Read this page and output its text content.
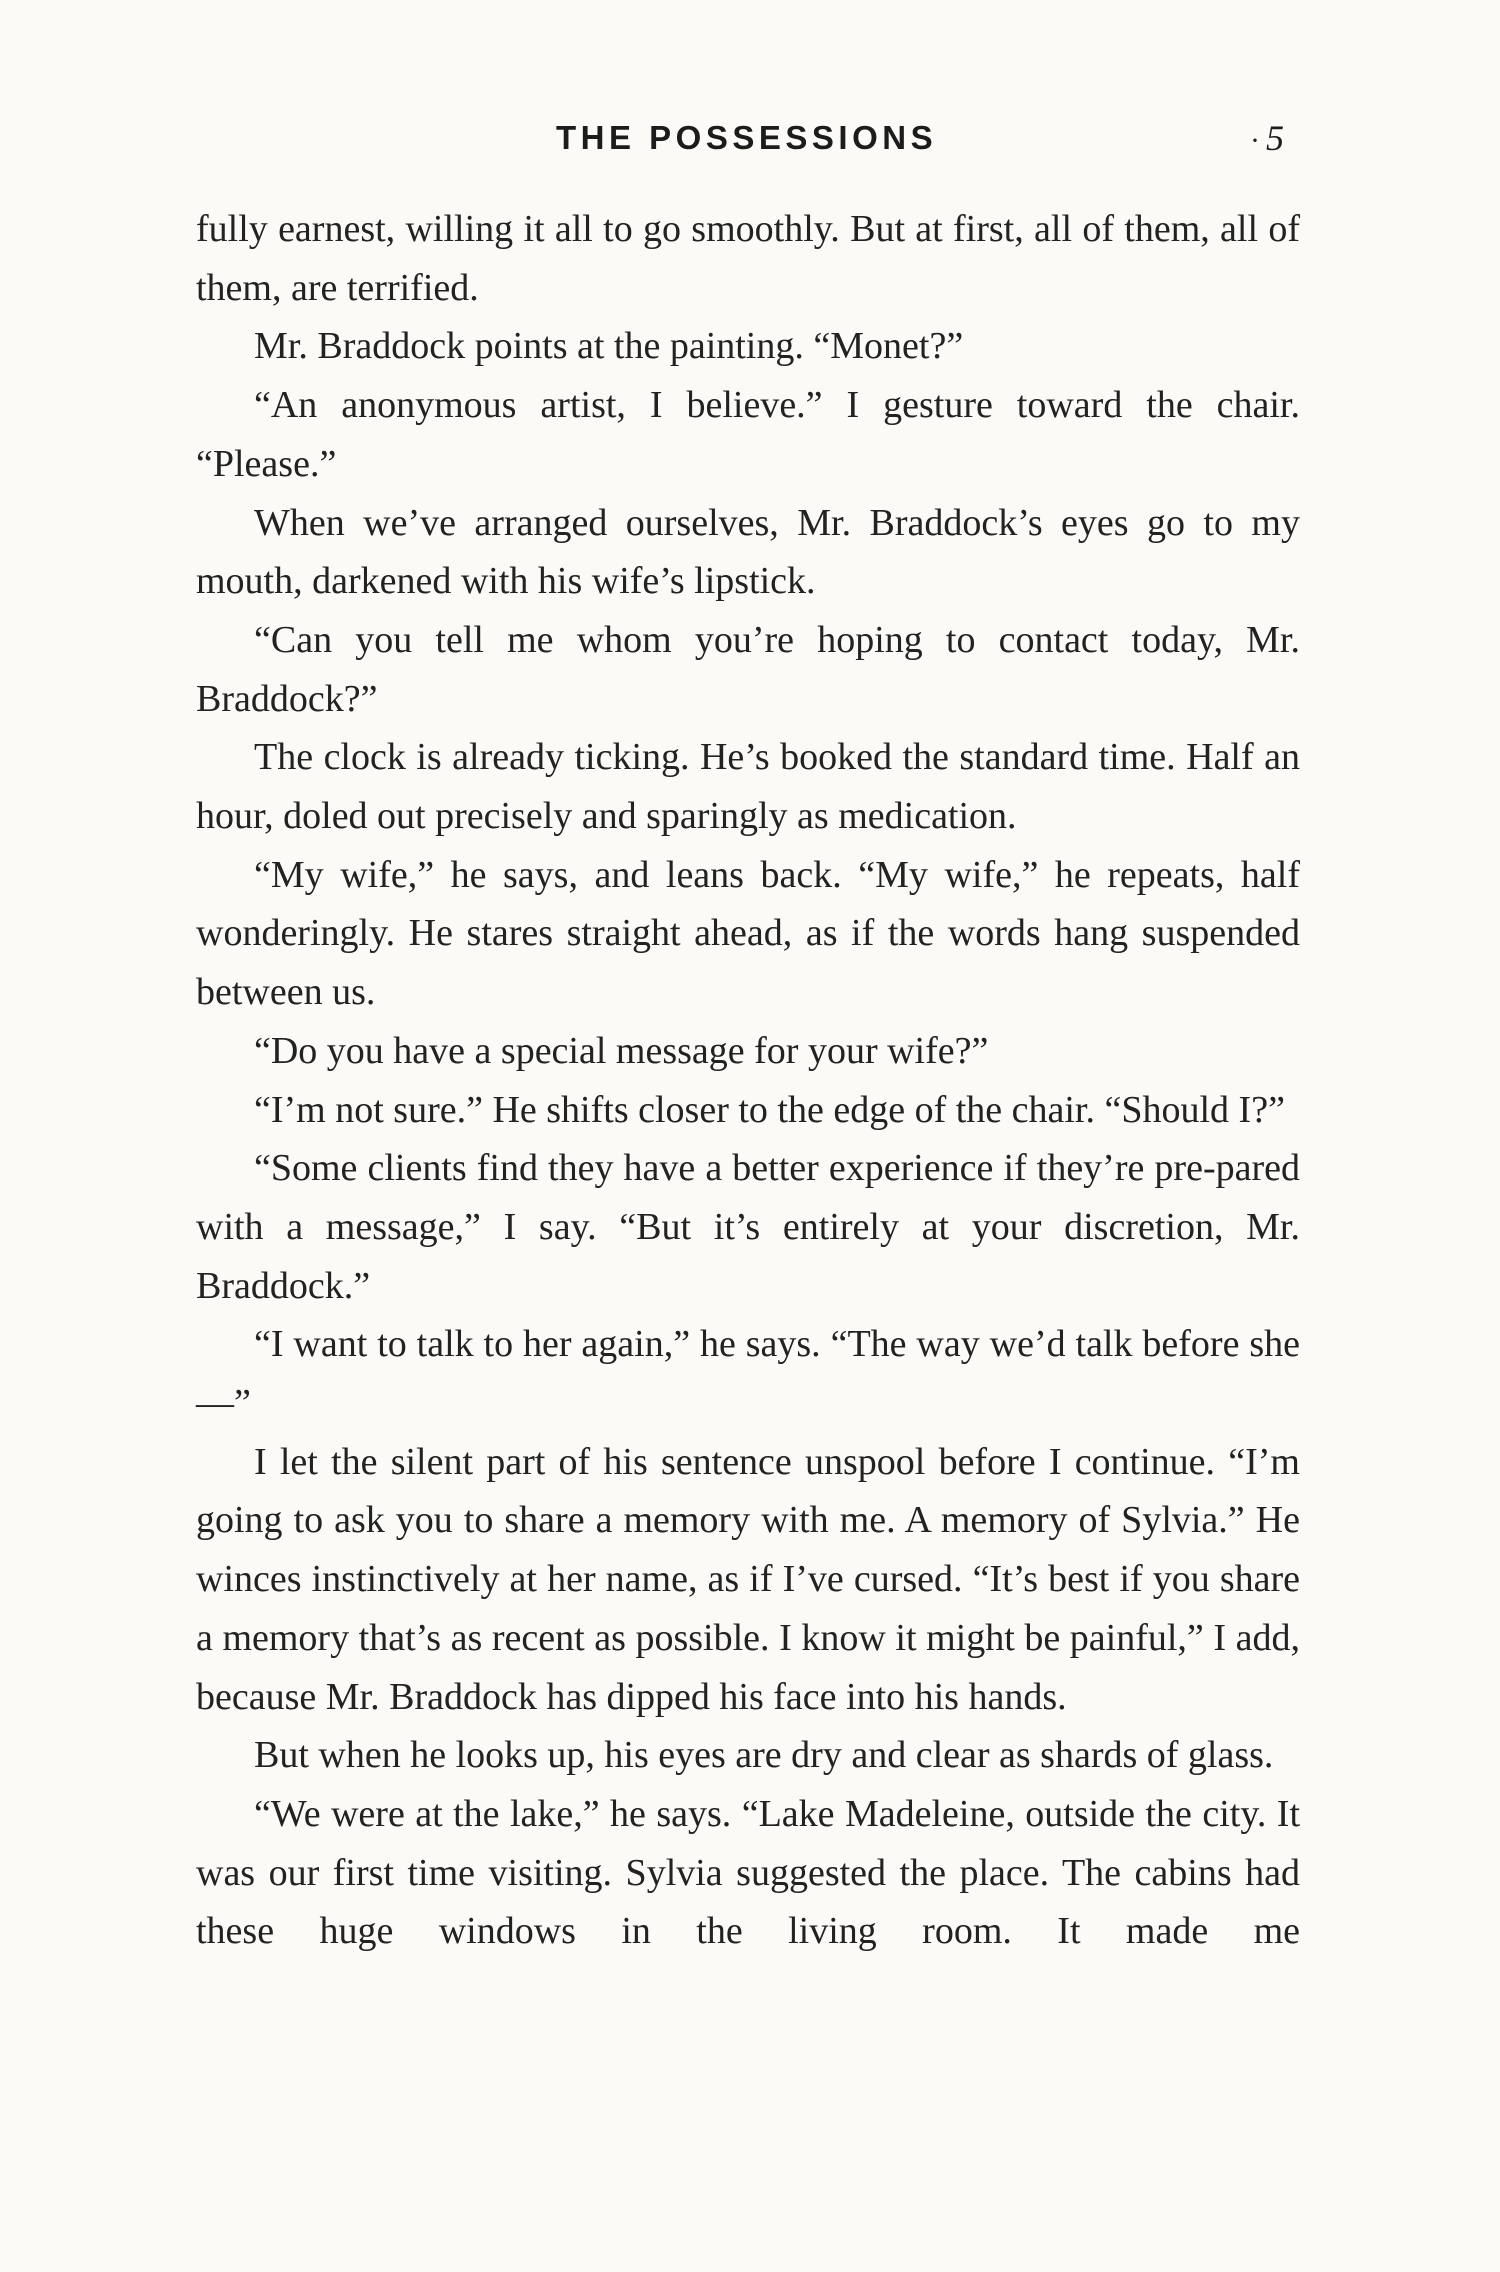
THE POSSESSIONS	· 5

fully earnest, willing it all to go smoothly. But at first, all of them, all of them, are terrified.

Mr. Braddock points at the painting. “Monet?”

“An anonymous artist, I believe.” I gesture toward the chair. “Please.”

When we’ve arranged ourselves, Mr. Braddock’s eyes go to my mouth, darkened with his wife’s lipstick.

“Can you tell me whom you’re hoping to contact today, Mr. Braddock?”

The clock is already ticking. He’s booked the standard time. Half an hour, doled out precisely and sparingly as medication.

“My wife,” he says, and leans back. “My wife,” he repeats, half wonderingly. He stares straight ahead, as if the words hang suspended between us.

“Do you have a special message for your wife?”

“I’m not sure.” He shifts closer to the edge of the chair. “Should I?”

“Some clients find they have a better experience if they’re pre-pared with a message,” I say. “But it’s entirely at your discretion, Mr. Braddock.”

“I want to talk to her again,” he says. “The way we’d talk before she—”

I let the silent part of his sentence unspool before I continue. “I’m going to ask you to share a memory with me. A memory of Sylvia.” He winces instinctively at her name, as if I’ve cursed. “It’s best if you share a memory that’s as recent as possible. I know it might be painful,” I add, because Mr. Braddock has dipped his face into his hands.

But when he looks up, his eyes are dry and clear as shards of glass.

“We were at the lake,” he says. “Lake Madeleine, outside the city. It was our first time visiting. Sylvia suggested the place. The cabins had these huge windows in the living room. It made me
